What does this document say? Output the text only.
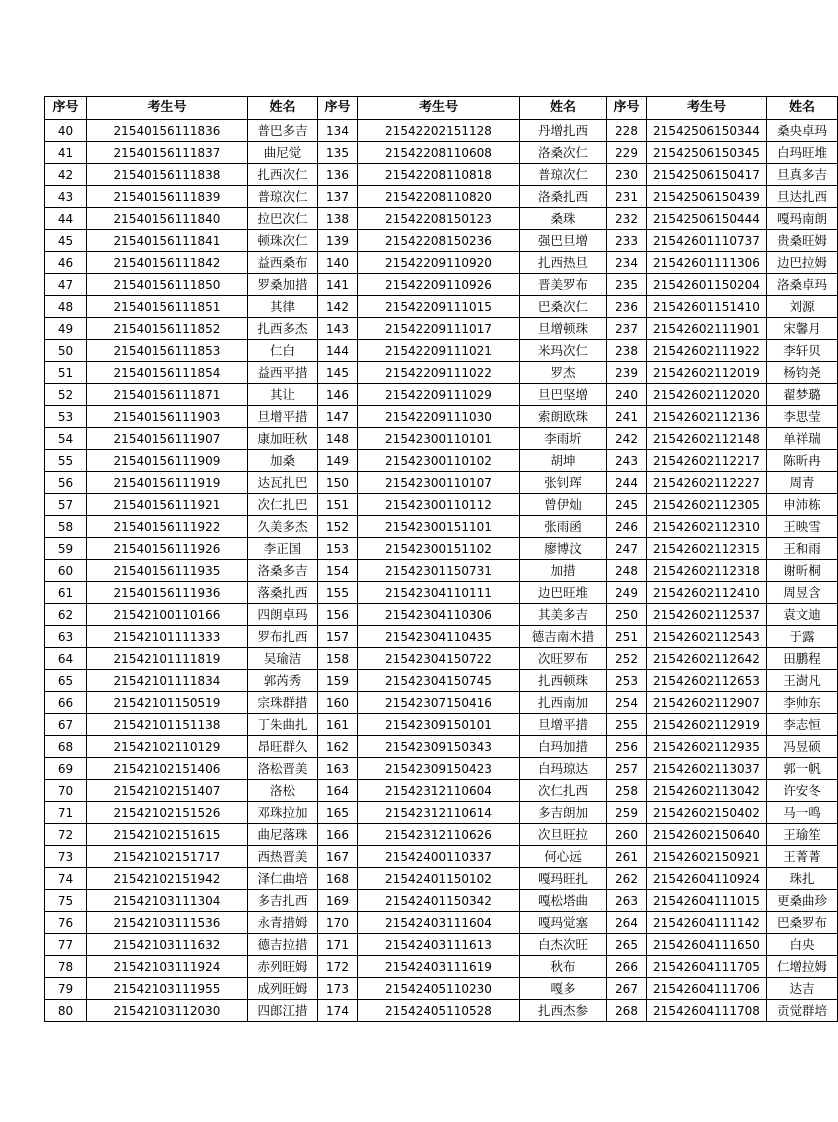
序号	考生号	姓名	序号	考生号	姓名	序号	考生号	姓名
40	21540156111836	普巴多吉	134	21542202151128	丹增扎西	228	21542506150344	桑央卓玛
41	21540156111837	曲尼觉	135	21542208110608	洛桑次仁	229	21542506150345	白玛旺堆
42	21540156111838	扎西次仁	136	21542208110818	普琼次仁	230	21542506150417	旦真多吉
43	21540156111839	普琼次仁	137	21542208110820	洛桑扎西	231	21542506150439	旦达扎西
44	21540156111840	拉巴次仁	138	21542208150123	桑珠	232	21542506150444	嘎玛南朗
45	21540156111841	顿珠次仁	139	21542208150236	强巴旦增	233	21542601110737	贵桑旺姆
46	21540156111842	益西桑布	140	21542209110920	扎西热旦	234	21542601111306	边巴拉姆
47	21540156111850	罗桑加措	141	21542209110926	晋美罗布	235	21542601150204	洛桑卓玛
48	21540156111851	其律	142	21542209111015	巴桑次仁	236	21542601151410	刘源
49	21540156111852	扎西多杰	143	21542209111017	旦增顿珠	237	21542602111901	宋馨月
50	21540156111853	仁白	144	21542209111021	米玛次仁	238	21542602111922	李轩贝
51	21540156111854	益西平措	145	21542209111022	罗杰	239	21542602112019	杨钧尧
52	21540156111871	其让	146	21542209111029	旦巴坚增	240	21542602112020	翟梦璐
53	21540156111903	旦增平措	147	21542209111030	索朗欧珠	241	21542602112136	李思莹
54	21540156111907	康加旺秋	148	21542300110101	李雨圻	242	21542602112148	单祥瑞
55	21540156111909	加桑	149	21542300110102	胡坤	243	21542602112217	陈昕冉
56	21540156111919	达瓦扎巴	150	21542300110107	张钊珲	244	21542602112227	周青
57	21540156111921	次仁扎巴	151	21542300110112	曾伊灿	245	21542602112305	申沛栋
58	21540156111922	久美多杰	152	21542300151101	张雨函	246	21542602112310	王映雪
59	21540156111926	李正国	153	21542300151102	廖博汶	247	21542602112315	王和雨
60	21540156111935	洛桑多吉	154	21542301150731	加措	248	21542602112318	谢昕桐
61	21540156111936	落桑扎西	155	21542304110111	边巴旺堆	249	21542602112410	周昱含
62	21542100110166	四朗卓玛	156	21542304110306	其美多吉	250	21542602112537	袁文迪
63	21542101111333	罗布扎西	157	21542304110435	德吉南木措	251	21542602112543	于露
64	21542101111819	吴瑜洁	158	21542304150722	次旺罗布	252	21542602112642	田鹏程
65	21542101111834	郭芮秀	159	21542304150745	扎西顿珠	253	21542602112653	王澍凡
66	21542101150519	宗珠群措	160	21542307150416	扎西南加	254	21542602112907	李帅东
67	21542101151138	丁朱曲扎	161	21542309150101	旦增平措	255	21542602112919	李志恒
68	21542102110129	昂旺群久	162	21542309150343	白玛加措	256	21542602112935	冯昱硕
69	21542102151406	洛松晋美	163	21542309150423	白玛琼达	257	21542602113037	郭一帆
70	21542102151407	洛松	164	21542312110604	次仁扎西	258	21542602113042	许安冬
71	21542102151526	邓珠拉加	165	21542312110614	多吉朗加	259	21542602150402	马一鸣
72	21542102151615	曲尼落珠	166	21542312110626	次旦旺拉	260	21542602150640	王瑜笙
73	21542102151717	西热晋美	167	21542400110337	何心远	261	21542602150921	王菁菁
74	21542102151942	泽仁曲培	168	21542401150102	嘎玛旺扎	262	21542604110924	珠扎
75	21542103111304	多吉扎西	169	21542401150342	嘎松塔曲	263	21542604111015	更桑曲珍
76	21542103111536	永青措姆	170	21542403111604	嘎玛觉塞	264	21542604111142	巴桑罗布
77	21542103111632	德吉拉措	171	21542403111613	白杰次旺	265	21542604111650	白央
78	21542103111924	赤列旺姆	172	21542403111619	秋布	266	21542604111705	仁增拉姆
79	21542103111955	成列旺姆	173	21542405110230	嘎多	267	21542604111706	达吉
80	21542103112030	四郎江措	174	21542405110528	扎西杰参	268	21542604111708	贡觉群培
